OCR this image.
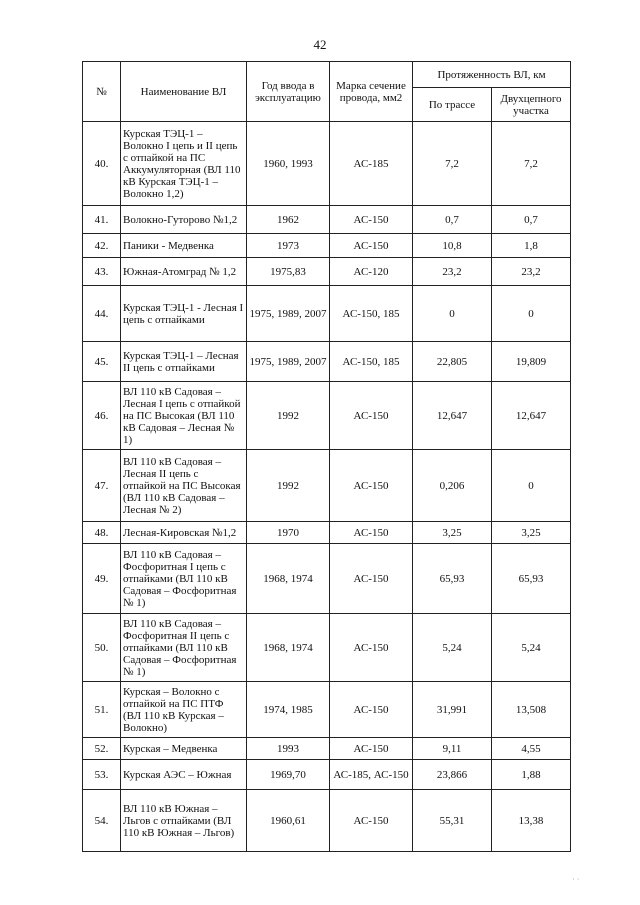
42
№	Наименование ВЛ	Год ввода в эксплуатацию	Марка сечение провода, мм2	Протяженность ВЛ, км	
				По трассе	Двухцепного участка
40.	Курская ТЭЦ-1 – Волокно I цепь и II цепь с отпайкой на ПС Аккумуляторная (ВЛ 110 кВ Курская ТЭЦ-1 – Волокно 1,2)	1960, 1993	АС-185	7,2	7,2
41.	Волокно-Гуторово №1,2	1962	АС-150	0,7	0,7
42.	Паники - Медвенка	1973	АС-150	10,8	1,8
43.	Южная-Атомград № 1,2	1975,83	АС-120	23,2	23,2
44.	Курская ТЭЦ-1 - Лесная I цепь с отпайками	1975, 1989, 2007	АС-150, 185	0	0
45.	Курская ТЭЦ-1 – Лесная II цепь с отпайками	1975, 1989, 2007	АС-150, 185	22,805	19,809
46.	ВЛ 110 кВ Садовая – Лесная I цепь с отпайкой на ПС Высокая (ВЛ 110 кВ Садовая – Лесная № 1)	1992	АС-150	12,647	12,647
47.	ВЛ 110 кВ Садовая – Лесная II цепь с отпайкой на ПС Высокая (ВЛ 110 кВ Садовая – Лесная № 2)	1992	АС-150	0,206	0
48.	Лесная-Кировская №1,2	1970	АС-150	3,25	3,25
49.	ВЛ 110 кВ Садовая – Фосфоритная I цепь с отпайками (ВЛ 110 кВ Садовая – Фосфоритная № 1)	1968, 1974	АС-150	65,93	65,93
50.	ВЛ 110 кВ Садовая – Фосфоритная II цепь с отпайками (ВЛ 110 кВ Садовая – Фосфоритная № 1)	1968, 1974	АС-150	5,24	5,24
51.	Курская – Волокно с отпайкой на ПС ПТФ (ВЛ 110 кВ Курская – Волокно)	1974, 1985	АС-150	31,991	13,508
52.	Курская – Медвенка	1993	АС-150	9,11	4,55
53.	Курская АЭС – Южная	1969,70	АС-185, АС-150	23,866	1,88
54.	ВЛ 110 кВ Южная – Льгов с отпайками (ВЛ 110 кВ Южная – Льгов)	1960,61	АС-150	55,31	13,38
˙ ˙
